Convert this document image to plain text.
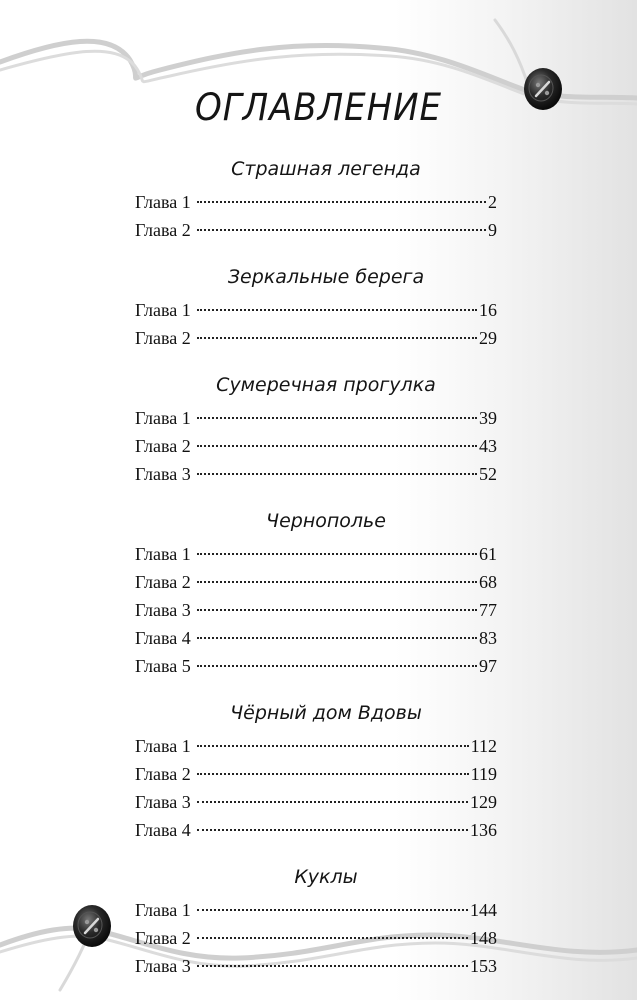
ОГЛАВЛЕНИЕ
Страшная легенда
Глава 1	2
Глава 2	9
Зеркальные берега
Глава 1	16
Глава 2	29
Сумеречная прогулка
Глава 1	39
Глава 2	43
Глава 3	52
Чернополье
Глава 1	61
Глава 2	68
Глава 3	77
Глава 4	83
Глава 5	97
Чёрный дом Вдовы
Глава 1	112
Глава 2	119
Глава 3	129
Глава 4	136
Куклы
Глава 1	144
Глава 2	148
Глава 3	153
